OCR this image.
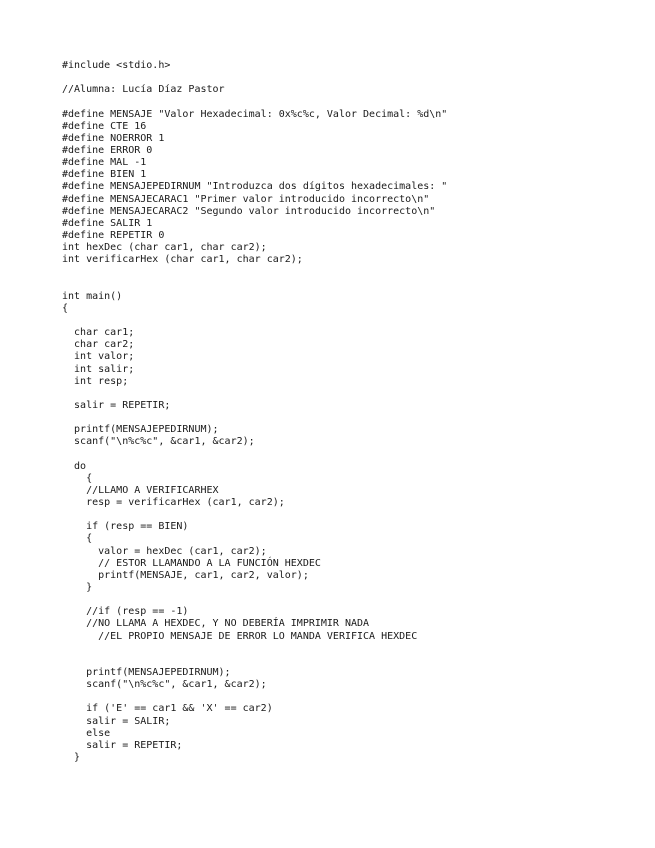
#include <stdio.h>
//Alumna: Lucía Díaz Pastor
#define MENSAJE "Valor Hexadecimal: 0x%c%c, Valor Decimal: %d\n"
#define CTE 16
#define NOERROR 1
#define ERROR 0
#define MAL -1
#define BIEN 1
#define MENSAJEPEDIRNUM "Introduzca dos dígitos hexadecimales: "
#define MENSAJECARAC1 "Primer valor introducido incorrecto\n"
#define MENSAJECARAC2 "Segundo valor introducido incorrecto\n"
#define SALIR 1
#define REPETIR 0
int hexDec (char car1, char car2);
int verificarHex (char car1, char car2);
int main()
{
char car1;
char car2;
int valor;
int salir;
int resp;
salir = REPETIR;
printf(MENSAJEPEDIRNUM);
scanf("\n%c%c", &car1, &car2);
do
{
//LLAMO A VERIFICARHEX
resp = verificarHex (car1, car2);
if (resp == BIEN)
{
valor = hexDec (car1, car2);
// ESTOR LLAMANDO A LA FUNCIÓN HEXDEC
printf(MENSAJE, car1, car2, valor);
}
//if (resp == -1)
//NO LLAMA A HEXDEC, Y NO DEBERÍA IMPRIMIR NADA
//EL PROPIO MENSAJE DE ERROR LO MANDA VERIFICA HEXDEC
printf(MENSAJEPEDIRNUM);
scanf("\n%c%c", &car1, &car2);
if ('E' == car1 && 'X' == car2)
salir = SALIR;
else
salir = REPETIR;
}
